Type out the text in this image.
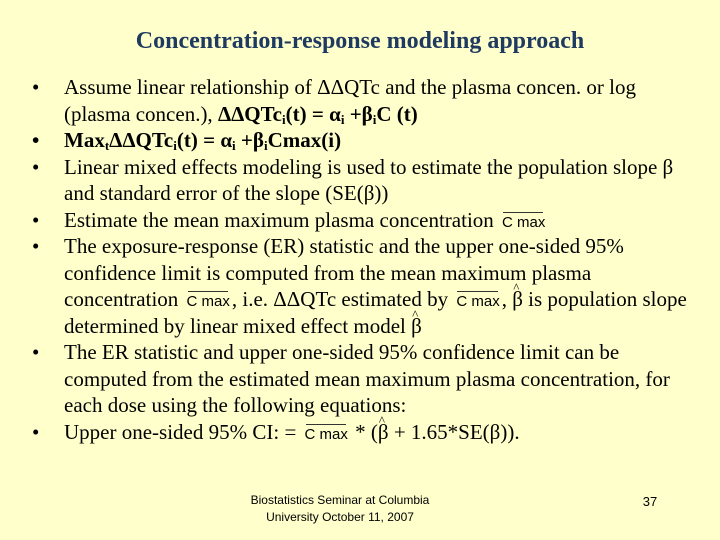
Concentration-response modeling approach
• Assume linear relationship of ΔΔQTc and the plasma concen. or log (plasma concen.), $\Delta\Delta QTc_i(t) = \alpha_i +\beta_iC$ (t)
• $Max_t\Delta\Delta QTc_i(t) = \alpha_i +\beta_iCmax(i)$
• Linear mixed effects modeling is used to estimate the population slope β and standard error of the slope (SE(β))
• Estimate the mean maximum plasma concentration C max
• The exposure-response (ER) statistic and the upper one-sided 95% confidence limit is computed from the mean maximum plasma concentration C max, i.e. ΔΔQTc estimated by C max, ^ β is population slope determined by linear mixed effect model ^ β
• The ER statistic and upper one-sided 95% confidence limit can be computed from the estimated mean maximum plasma concentration, for each dose using the following equations:
• Upper one-sided 95% CI: = C max * (^ β + 1.65*SE(β)).
Biostatistics Seminar at Columbia
University October 11, 2007
37
